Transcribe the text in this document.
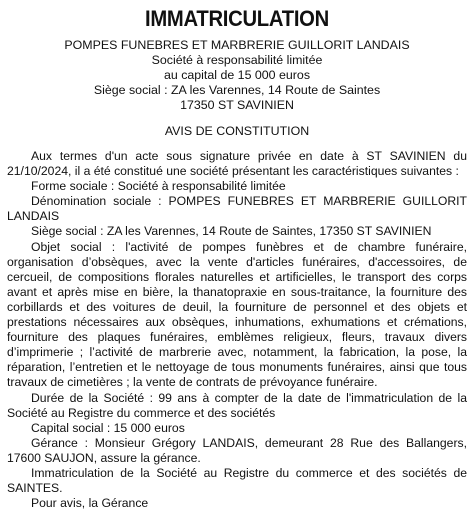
IMMATRICULATION
POMPES FUNEBRES ET MARBRERIE GUILLORIT LANDAIS
Société à responsabilité limitée
au capital de 15 000 euros
Siège social : ZA les Varennes, 14 Route de Saintes
17350 ST SAVINIEN
AVIS DE CONSTITUTION

Aux termes d'un acte sous signature privée en date à ST SAVINIEN du 21/10/2024, il a été constitué une société présentant les caractéristiques suivantes :

Forme sociale : Société à responsabilité limitée

Dénomination sociale : POMPES FUNEBRES ET MARBRERIE GUILLORIT LANDAIS

Siège social : ZA les Varennes, 14 Route de Saintes, 17350 ST SAVINIEN

Objet social : l'activité de pompes funèbres et de chambre funéraire, organisation d’obsèques, avec la vente d'articles funéraires, d'accessoires, de cercueil, de compositions florales naturelles et artificielles, le transport des corps avant et après mise en bière, la thanatopraxie en sous-traitance, la fourniture des corbillards et des voitures de deuil, la fourniture de personnel et des objets et prestations nécessaires aux obsèques, inhumations, exhumations et crémations, fourniture des plaques funéraires, emblèmes religieux, fleurs, travaux divers d’imprimerie ; l’activité de marbrerie avec, notamment, la fabrication, la pose, la réparation, l’entretien et le nettoyage de tous monuments funéraires, ainsi que tous travaux de cimetières ; la vente de contrats de prévoyance funéraire.

Durée de la Société : 99 ans à compter de la date de l'immatriculation de la Société au Registre du commerce et des sociétés

Capital social : 15 000 euros

Gérance : Monsieur Grégory LANDAIS, demeurant 28 Rue des Ballangers, 17600 SAUJON, assure la gérance.

Immatriculation de la Société au Registre du commerce et des sociétés de SAINTES.

Pour avis, la Gérance
